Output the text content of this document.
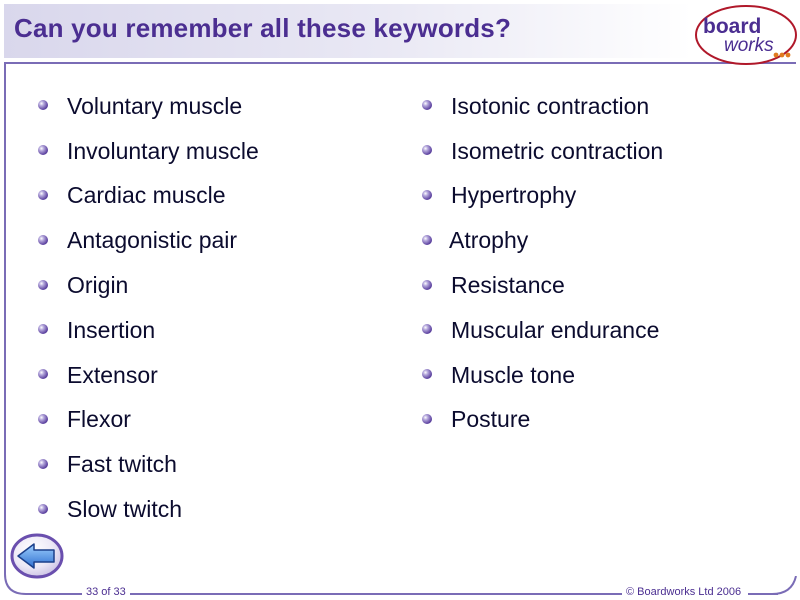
Can you remember all these keywords?	board
works
Voluntary muscle
Involuntary muscle
Cardiac muscle
Antagonistic pair
Origin
Insertion
Extensor
Flexor
Fast twitch
Slow twitch
Isotonic contraction
Isometric contraction
Hypertrophy
Atrophy
Resistance
Muscular endurance
Muscle tone
Posture
33 of 33	© Boardworks Ltd 2006
